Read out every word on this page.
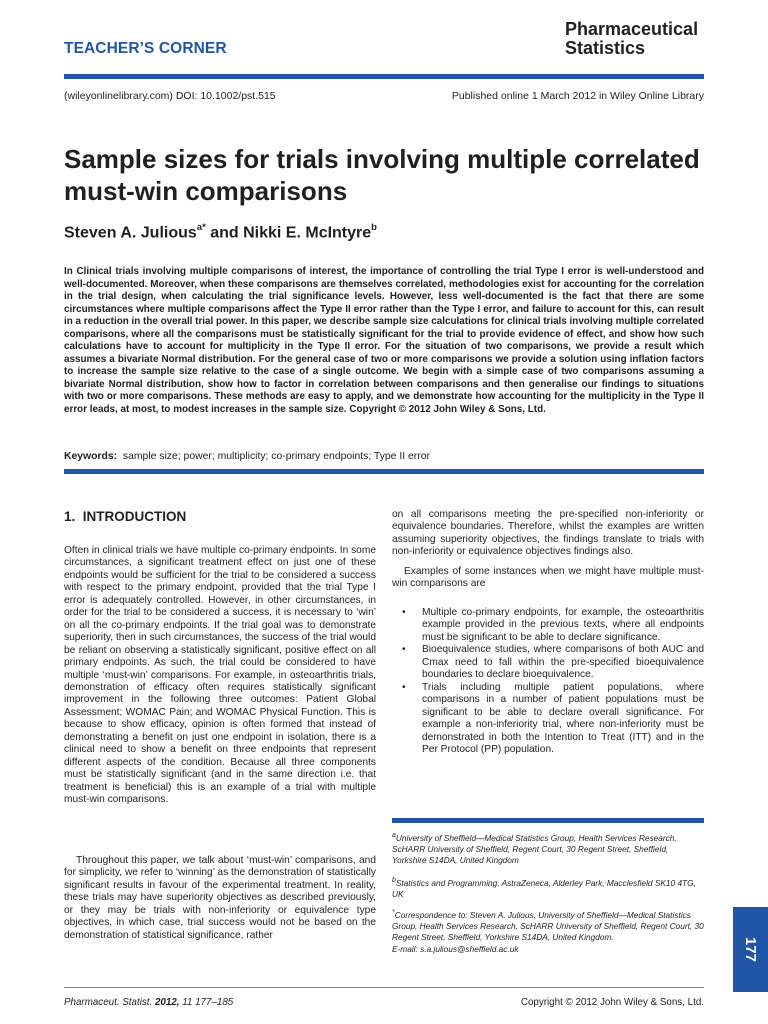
TEACHER’S CORNER
Pharmaceutical
Statistics
(wileyonlinelibrary.com) DOI: 10.1002/pst.515	Published online 1 March 2012 in Wiley Online Library
Sample sizes for trials involving multiple correlated must-win comparisons
Steven A. Julious$^{a*}$ and Nikki E. McIntyre$^b$

In Clinical trials involving multiple comparisons of interest, the importance of controlling the trial Type I error is well-understood and well-documented. Moreover, when these comparisons are themselves correlated, methodologies exist for accounting for the correlation in the trial design, when calculating the trial significance levels. However, less well-documented is the fact that there are some circumstances where multiple comparisons affect the Type II error rather than the Type I error, and failure to account for this, can result in a reduction in the overall trial power. In this paper, we describe sample size calculations for clinical trials involving multiple correlated comparisons, where all the comparisons must be statistically significant for the trial to provide evidence of effect, and show how such calculations have to account for multiplicity in the Type II error. For the situation of two comparisons, we provide a result which assumes a bivariate Normal distribution. For the general case of two or more comparisons we provide a solution using inflation factors to increase the sample size relative to the case of a single outcome. We begin with a simple case of two comparisons assuming a bivariate Normal distribution, show how to factor in correlation between comparisons and then generalise our findings to situations with two or more comparisons. These methods are easy to apply, and we demonstrate how accounting for the multiplicity in the Type II error leads, at most, to modest increases in the sample size. Copyright © 2012 John Wiley & Sons, Ltd.

Keywords: sample size; power; multiplicity; co-primary endpoints; Type II error
1.  INTRODUCTION

Often in clinical trials we have multiple co-primary endpoints. In some circumstances, a significant treatment effect on just one of these endpoints would be sufficient for the trial to be considered a success with respect to the primary endpoint, provided that the trial Type I error is adequately controlled. However, in other circumstances, in order for the trial to be considered a success, it is necessary to ‘win’ on all the co-primary endpoints. If the trial goal was to demonstrate superiority, then in such circumstances, the success of the trial would be reliant on observing a statistically significant, positive effect on all primary endpoints. As such, the trial could be considered to have multiple ‘must-win’ comparisons. For example, in osteoarthritis trials, demonstration of efficacy often requires statistically significant improvement in the following three outcomes: Patient Global Assessment; WOMAC Pain; and WOMAC Physical Function. This is because to show efficacy, opinion is often formed that instead of demonstrating a benefit on just one endpoint in isolation, there is a clinical need to show a benefit on three endpoints that represent different aspects of the condition. Because all three components must be statistically significant (and in the same direction i.e. that treatment is beneficial) this is an example of a trial with multiple must-win comparisons.

Throughout this paper, we talk about ‘must-win’ comparisons, and for simplicity, we refer to ‘winning’ as the demonstration of statistically significant results in favour of the experimental treatment. In reality, these trials may have superiority objectives as described previously, or they may be trials with non-inferiority or equivalence type objectives, in which case, trial success would not be based on the demonstration of statistical significance, rather

on all comparisons meeting the pre-specified non-inferiority or equivalence boundaries. Therefore, whilst the examples are written assuming superiority objectives, the findings translate to trials with non-inferiority or equivalence objectives findings also.

Examples of some instances when we might have multiple must-win comparisons are

• Multiple co-primary endpoints, for example, the osteoarthritis example provided in the previous texts, where all endpoints must be significant to be able to declare significance.
• Bioequivalence studies, where comparisons of both AUC and Cmax need to fall within the pre-specified bioequivalence boundaries to declare bioequivalence.
• Trials including multiple patient populations, where comparisons in a number of patient populations must be significant to be able to declare overall significance. For example a non-inferiority trial, where non-inferiority must be demonstrated in both the Intention to Treat (ITT) and in the Per Protocol (PP) population.

$^a$University of Sheffield—Medical Statistics Group, Health Services Research, ScHARR University of Sheffield, Regent Court, 30 Regent Street, Sheffield, Yorkshire S14DA, United Kingdom

$^b$Statistics and Programming, AstraZeneca, Alderley Park, Macclesfield SK10 4TG, UK

*Correspondence to: Steven A. Julious, University of Sheffield—Medical Statistics Group, Health Services Research, ScHARR University of Sheffield, Regent Court, 30 Regent Street, Sheffield, Yorkshire S14DA, United Kingdom.
E-mail: s.a.julious@sheffield.ac.uk	177
Pharmaceut. Statist. 2012, 11 177–185	Copyright © 2012 John Wiley & Sons, Ltd.
